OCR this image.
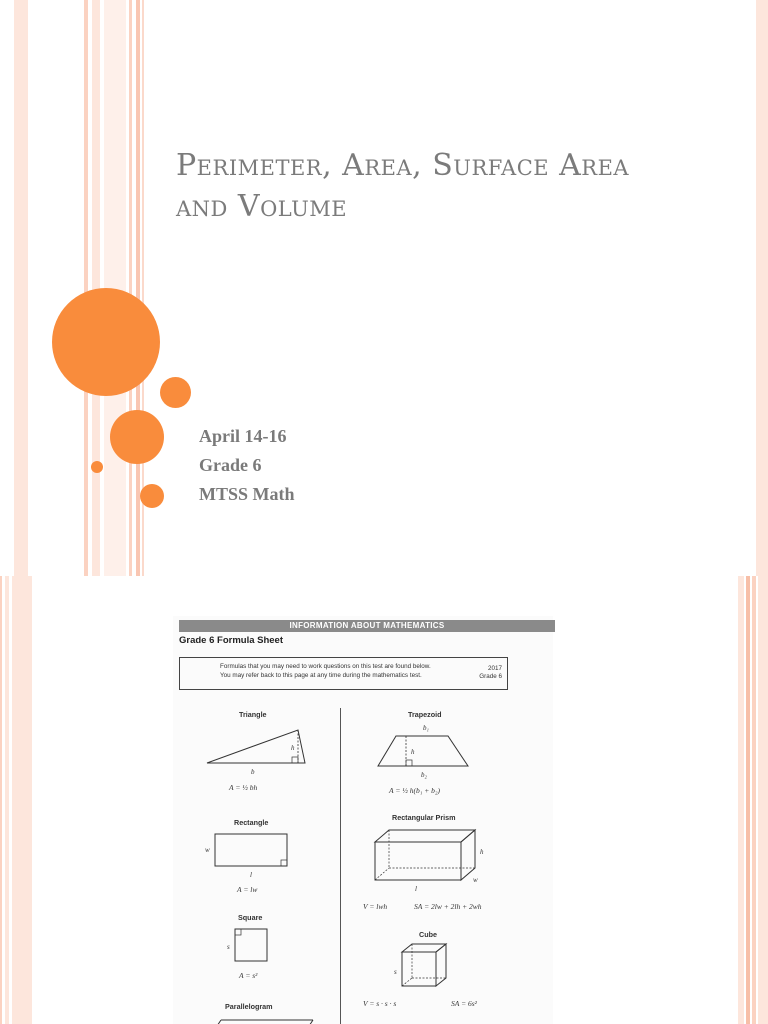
Perimeter, Area, Surface Area
and Volume
April 14-16
Grade 6
MTSS Math
INFORMATION ABOUT MATHEMATICS
Grade 6 Formula Sheet
Formulas that you may need to work questions on this test are found below.
You may refer back to this page at any time during the mathematics test.
2017
Grade 6
Triangle
h
b
A = ½ bh
Trapezoid
b₁
h
b₂
A = ½ h(b₁ + b₂)
Rectangle
w
l
A = lw
Rectangular Prism
h
w
l
V = lwh	SA = 2lw + 2lh + 2wh
Square
s
A = s²
Cube
s
V = s · s · s	SA = 6s²
Parallelogram
